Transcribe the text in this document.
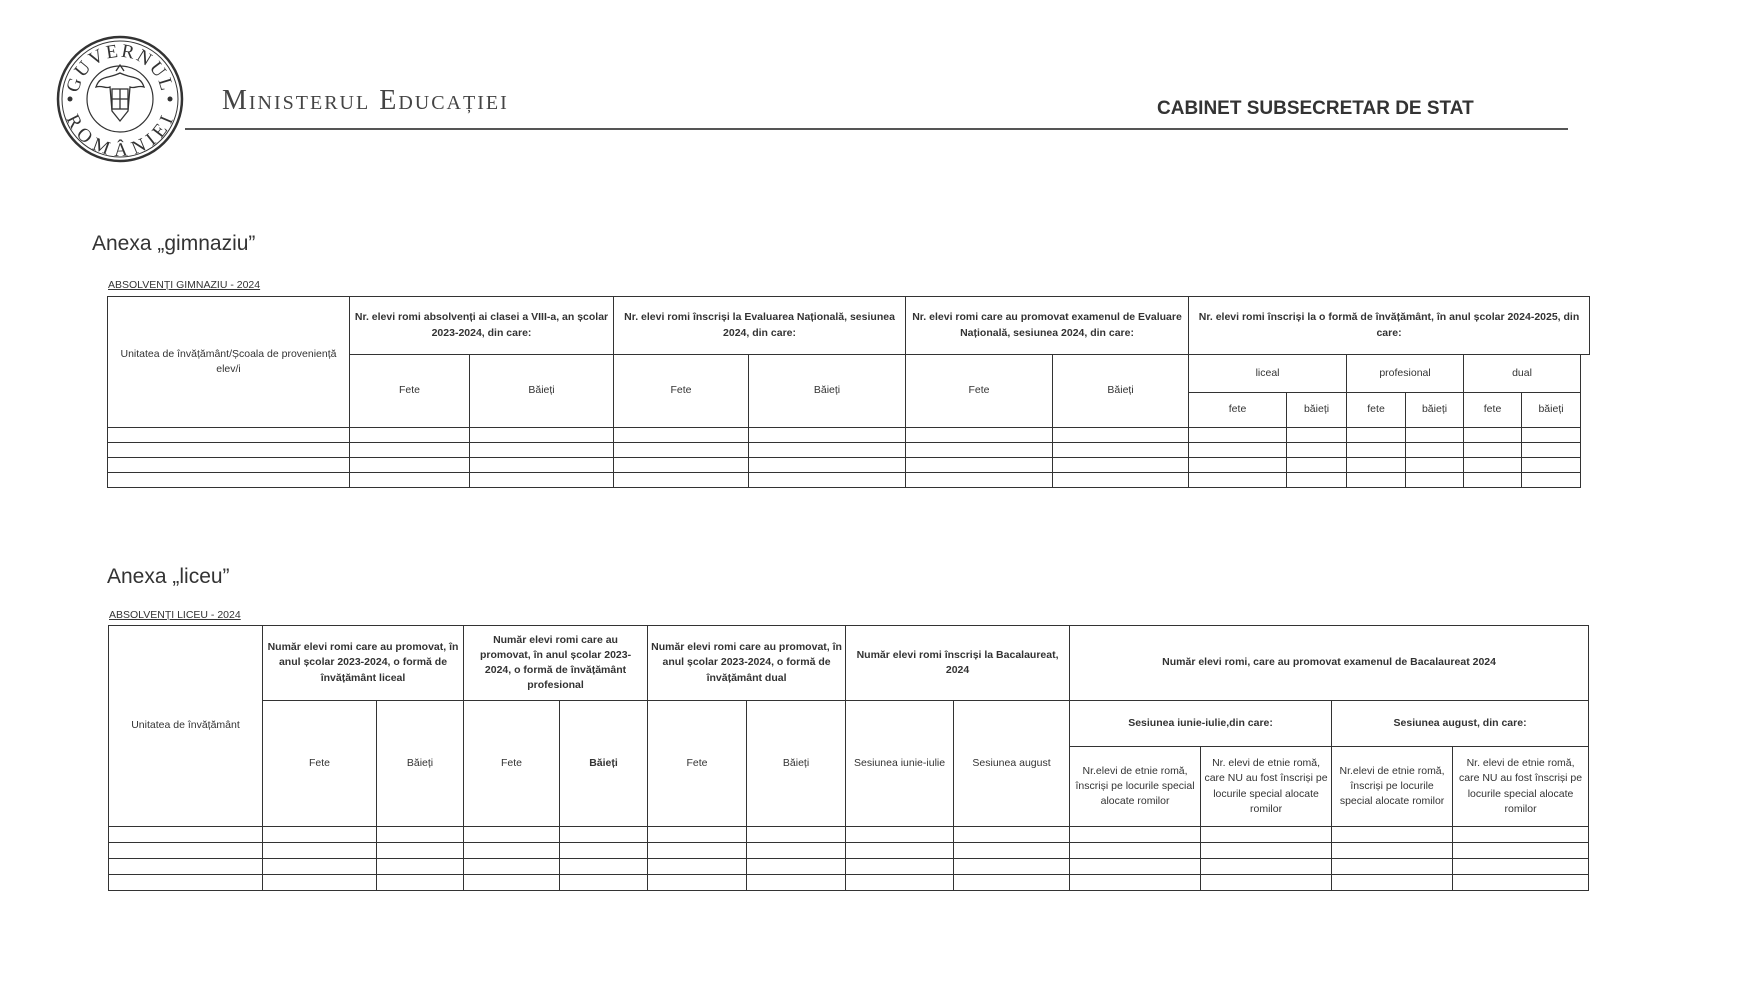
GUVERNUL
ROMÂNIEI
Ministerul Educației	CABINET SUBSECRETAR DE STAT
Anexa „gimnaziu”
ABSOLVENȚI GIMNAZIU - 2024
Unitatea de învățământ/Școala de proveniență elev/i	Nr. elevi romi absolvenți ai clasei a VIII-a, an școlar 2023-2024, din care:		Nr. elevi romi înscriși la Evaluarea Națională, sesiunea 2024, din care:		Nr. elevi romi care au promovat examenul de Evaluare Națională, sesiunea 2024, din care:		Nr. elevi romi înscriși la o formă de învățământ, în anul școlar 2024-2025, din care:						
	Fete	Băieți	Fete	Băieți	Fete	Băieți	liceal		profesional		dual		
							fete	băieți	fete	băieți	fete	băieți	

Anexa „liceu”
ABSOLVENȚI LICEU - 2024
Unitatea de învățământ	Număr elevi romi care au promovat, în anul școlar 2023-2024, o formă de învățământ liceal		Număr elevi romi care au promovat, în anul școlar 2023-2024, o formă de învățământ profesional		Număr elevi romi care au promovat, în anul școlar 2023-2024, o formă de învățământ dual		Număr elevi romi înscriși la Bacalaureat, 2024		Număr elevi romi, care au promovat examenul de Bacalaureat 2024			
	Fete	Băieți	Fete	Băieți	Fete	Băieți	Sesiunea iunie-iulie	Sesiunea august	Sesiunea iunie-iulie,din care:		Sesiunea august, din care:	
									Nr.elevi de etnie romă, înscriși pe locurile special alocate romilor	Nr. elevi de etnie romă, care NU au fost înscriși pe locurile special alocate romilor	Nr.elevi de etnie romă, înscriși pe locurile special alocate romilor	Nr. elevi de etnie romă, care NU au fost înscriși pe locurile special alocate romilor
